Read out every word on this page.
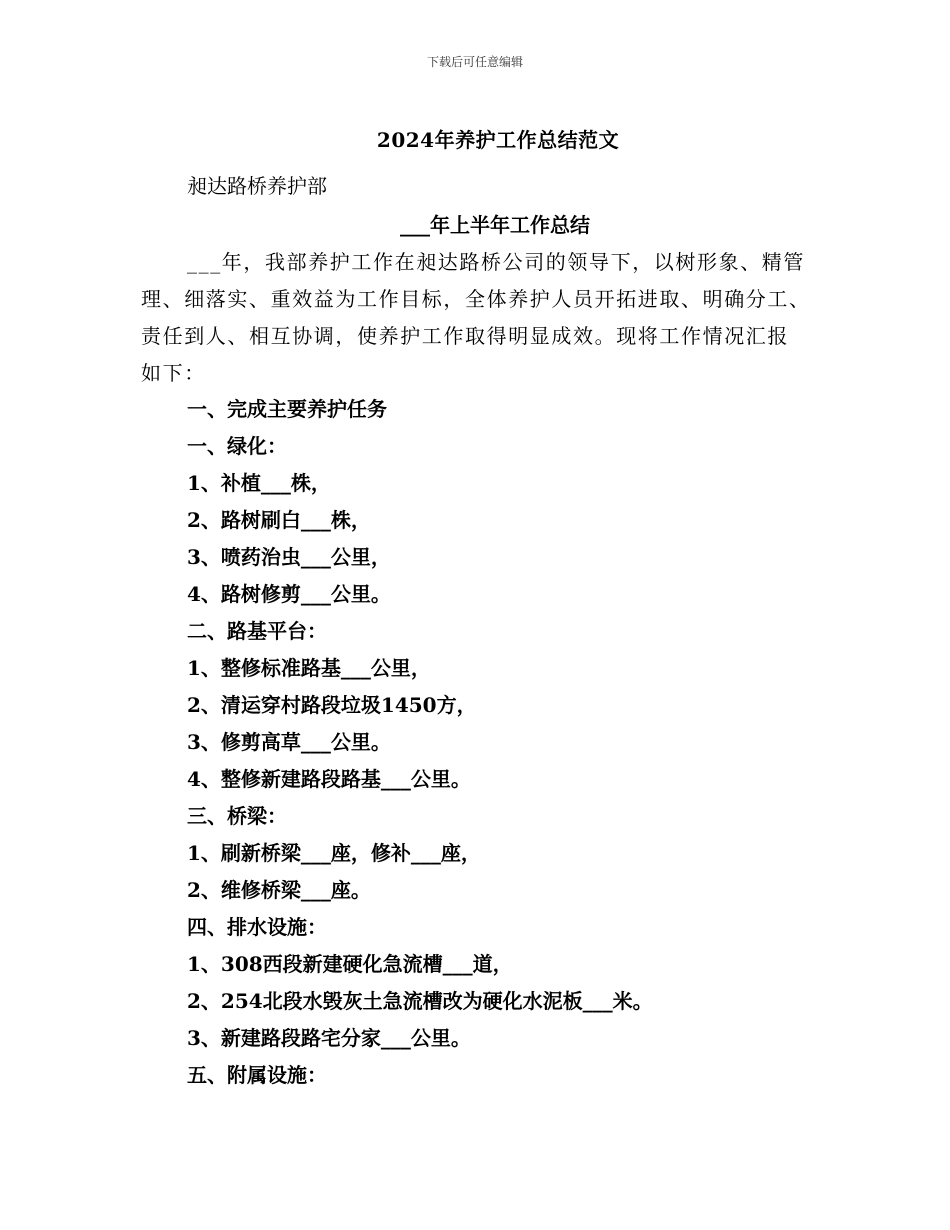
下载后可任意编辑
2024年养护工作总结范文
昶达路桥养护部
___年上半年工作总结
___年，我部养护工作在昶达路桥公司的领导下，以树形象、精管
理、细落实、重效益为工作目标，全体养护人员开拓进取、明确分工、
责任到人、相互协调，使养护工作取得明显成效。现将工作情况汇报
如下：
一、完成主要养护任务
一、绿化：
1、补植___株，
2、路树刷白___株，
3、喷药治虫___公里，
4、路树修剪___公里。
二、路基平台：
1、整修标准路基___公里，
2、清运穿村路段垃圾1450方，
3、修剪高草___公里。
4、整修新建路段路基___公里。
三、桥梁：
1、刷新桥梁___座，修补___座，
2、维修桥梁___座。
四、排水设施：
1、308西段新建硬化急流槽___道，
2、254北段水毁灰土急流槽改为硬化水泥板___米。
3、新建路段路宅分家___公里。
五、附属设施：
